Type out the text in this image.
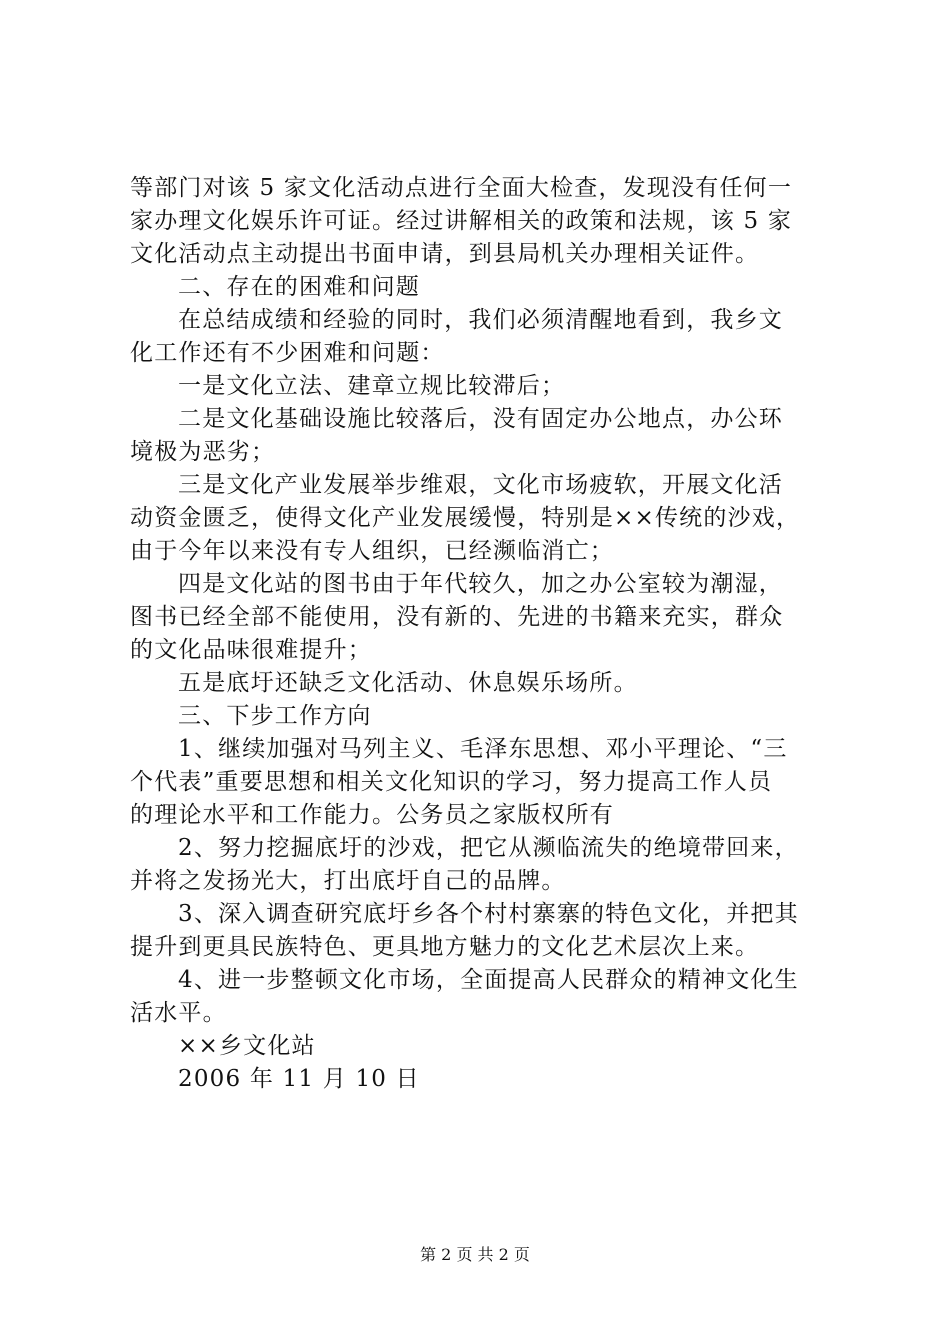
等部门对该 5 家文化活动点进行全面大检查，发现没有任何一
家办理文化娱乐许可证。经过讲解相关的政策和法规，该 5 家
文化活动点主动提出书面申请，到县局机关办理相关证件。
二、存在的困难和问题
在总结成绩和经验的同时，我们必须清醒地看到，我乡文
化工作还有不少困难和问题：
一是文化立法、建章立规比较滞后；
二是文化基础设施比较落后，没有固定办公地点，办公环
境极为恶劣；
三是文化产业发展举步维艰，文化市场疲软，开展文化活
动资金匮乏，使得文化产业发展缓慢，特别是××传统的沙戏，
由于今年以来没有专人组织，已经濒临消亡；
四是文化站的图书由于年代较久，加之办公室较为潮湿，
图书已经全部不能使用，没有新的、先进的书籍来充实，群众
的文化品味很难提升；
五是底圩还缺乏文化活动、休息娱乐场所。
三、下步工作方向
1、继续加强对马列主义、毛泽东思想、邓小平理论、“三
个代表”重要思想和相关文化知识的学习，努力提高工作人员
的理论水平和工作能力。公务员之家版权所有
2、努力挖掘底圩的沙戏，把它从濒临流失的绝境带回来，
并将之发扬光大，打出底圩自己的品牌。
3、深入调查研究底圩乡各个村村寨寨的特色文化，并把其
提升到更具民族特色、更具地方魅力的文化艺术层次上来。
4、进一步整顿文化市场，全面提高人民群众的精神文化生
活水平。
××乡文化站
2006 年 11 月 10 日
第 2 页 共 2 页
